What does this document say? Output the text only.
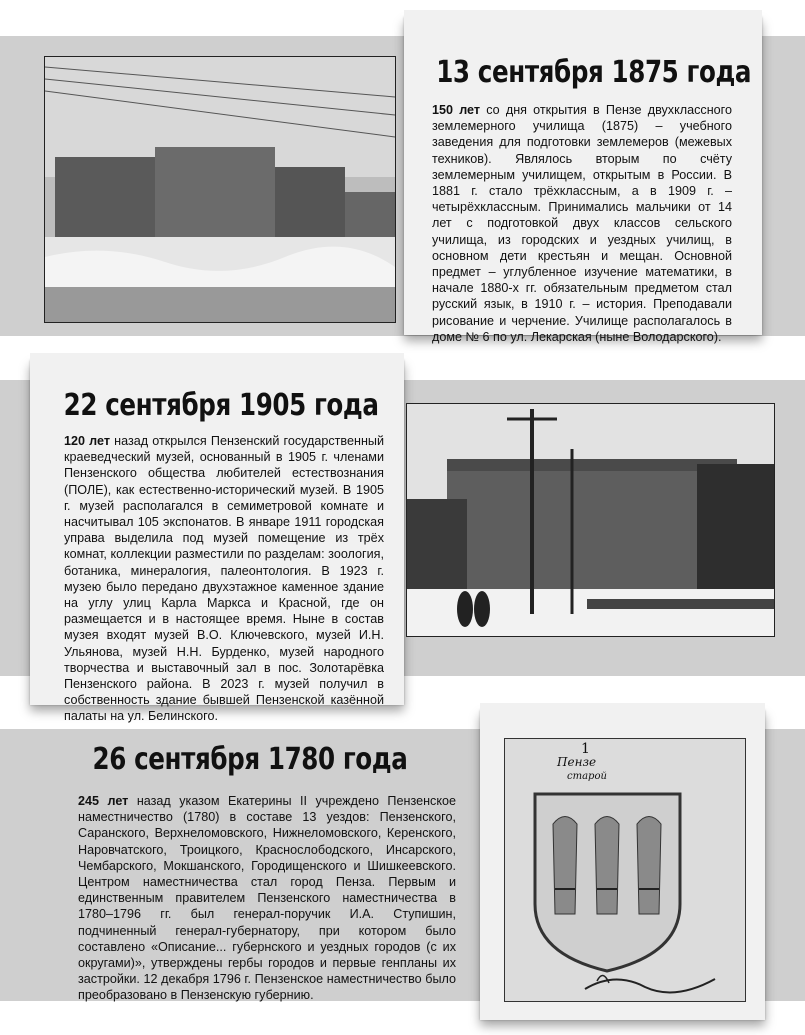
13 сентября 1875 года
150 лет со дня открытия в Пензе двухклассного землемерного училища (1875) – учебного заведения для подготовки землемеров (межевых техников). Являлось вторым по счёту землемерным училищем, открытым в России. В 1881 г. стало трёхклассным, а в 1909 г. – четырёхклассным. Принимались мальчики от 14 лет с подготовкой двух классов сельского училища, из городских и уездных училищ, в основном дети крестьян и мещан. Основной предмет – углубленное изучение математики, в начале 1880-х гг. обязательным предметом стал русский язык, в 1910 г. – история. Преподавали рисование и черчение. Училище располагалось в доме № 6 по ул. Лекарская (ныне Володарского).
22 сентября 1905 года
120 лет назад открылся Пензенский государственный краеведческий музей, основанный в 1905 г. членами Пензенского общества любителей естествознания (ПОЛЕ), как естественно-исторический музей. В 1905 г. музей располагался в семиметровой комнате и насчитывал 105 экспонатов. В январе 1911 городская управа выделила под музей помещение из трёх комнат, коллекции разместили по разделам: зоология, ботаника, минералогия, палеонтология. В 1923 г. музею было передано двухэтажное каменное здание на углу улиц Карла Маркса и Красной, где он размещается и в настоящее время. Ныне в состав музея входят музей В.О. Ключевского, музей И.Н. Ульянова, музей Н.Н. Бурденко, музей народного творчества и выставочный зал в пос. Золотарёвка Пензенского района. В 2023 г. музей получил в собственность здание бывшей Пензенской казённой палаты на ул. Белинского.
26 сентября 1780 года
245 лет назад указом Екатерины II учреждено Пензенское наместничество (1780) в составе 13 уездов: Пензенского, Саранского, Верхнеломовского, Нижнеломовского, Керенского, Наровчатского, Троицкого, Краснослободского, Инсарского, Чембарского, Мокшанского, Городищенского и Шишкеевского. Центром наместничества стал город Пенза. Первым и единственным правителем Пензенского наместничества в 1780–1796 гг. был генерал-поручик И.А. Ступишин, подчиненный генерал-губернатору, при котором было составлено «Описание... губернского и уездных городов (с их округами)», утверждены гербы городов и первые генпланы их застройки. 12 декабря 1796 г. Пензенское наместничество было преобразовано в Пензенскую губернию.
1
Пензе
старой
